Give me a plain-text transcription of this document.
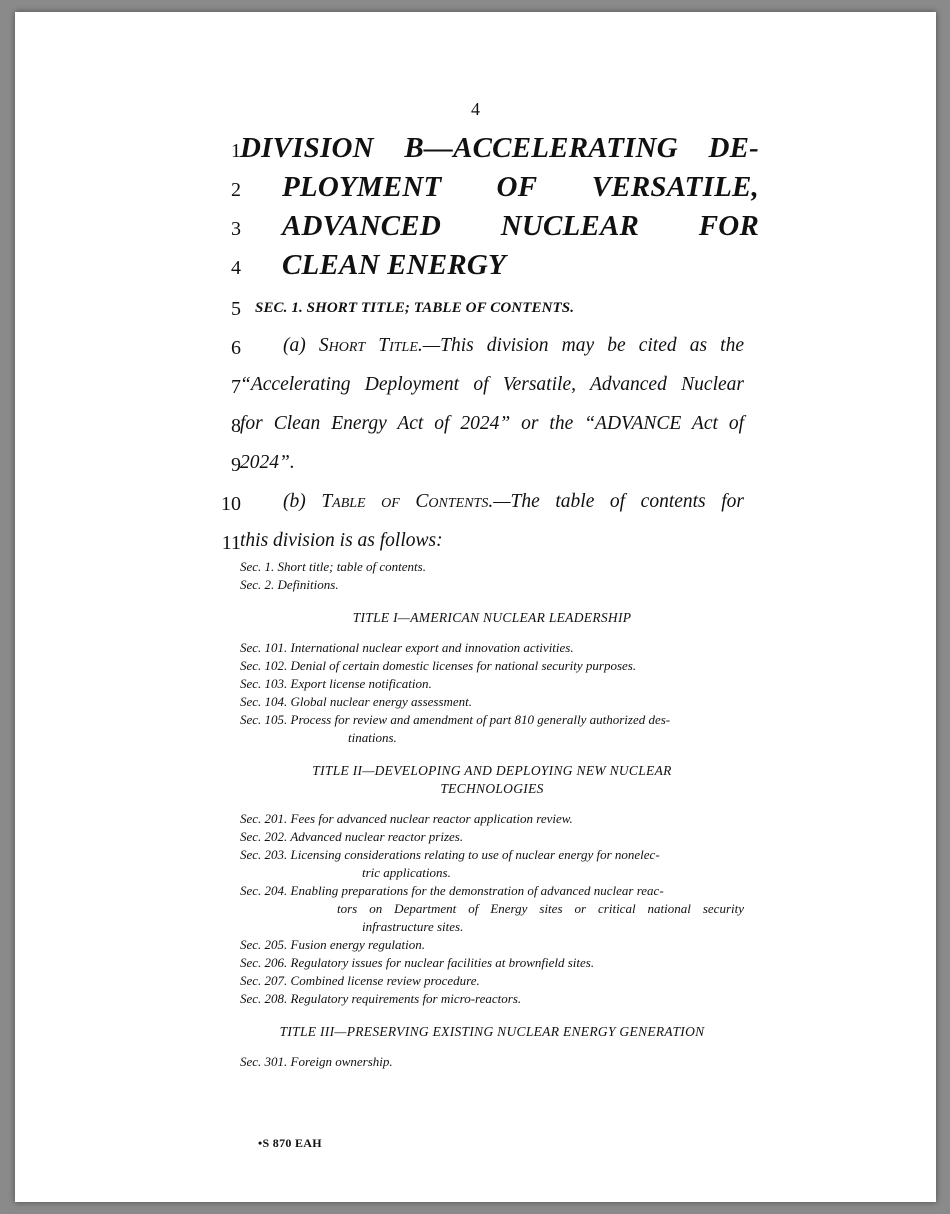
4
1
2
3
4
5
6
7
8
9
10
11
DIVISION B—ACCELERATING DE-
PLOYMENT OF VERSATILE,
ADVANCED NUCLEAR FOR
CLEAN ENERGY
SEC. 1. SHORT TITLE; TABLE OF CONTENTS.
(a) Short Title.—This division may be cited as the
“Accelerating Deployment of Versatile, Advanced Nuclear
for Clean Energy Act of 2024” or the “ADVANCE Act of
2024”.
(b) Table of Contents.—The table of contents for
this division is as follows:
Sec. 1. Short title; table of contents.
Sec. 2. Definitions.
TITLE I—AMERICAN NUCLEAR LEADERSHIP
Sec. 101. International nuclear export and innovation activities.
Sec. 102. Denial of certain domestic licenses for national security purposes.
Sec. 103. Export license notification.
Sec. 104. Global nuclear energy assessment.
Sec. 105. Process for review and amendment of part 810 generally authorized des-
tinations.
TITLE II—DEVELOPING AND DEPLOYING NEW NUCLEAR
TECHNOLOGIES
Sec. 201. Fees for advanced nuclear reactor application review.
Sec. 202. Advanced nuclear reactor prizes.
Sec. 203. Licensing considerations relating to use of nuclear energy for nonelec-
tric applications.
Sec. 204. Enabling preparations for the demonstration of advanced nuclear reac-
tors on Department of Energy sites or critical national security
infrastructure sites.
Sec. 205. Fusion energy regulation.
Sec. 206. Regulatory issues for nuclear facilities at brownfield sites.
Sec. 207. Combined license review procedure.
Sec. 208. Regulatory requirements for micro-reactors.
TITLE III—PRESERVING EXISTING NUCLEAR ENERGY GENERATION
Sec. 301. Foreign ownership.
•S 870 EAH
